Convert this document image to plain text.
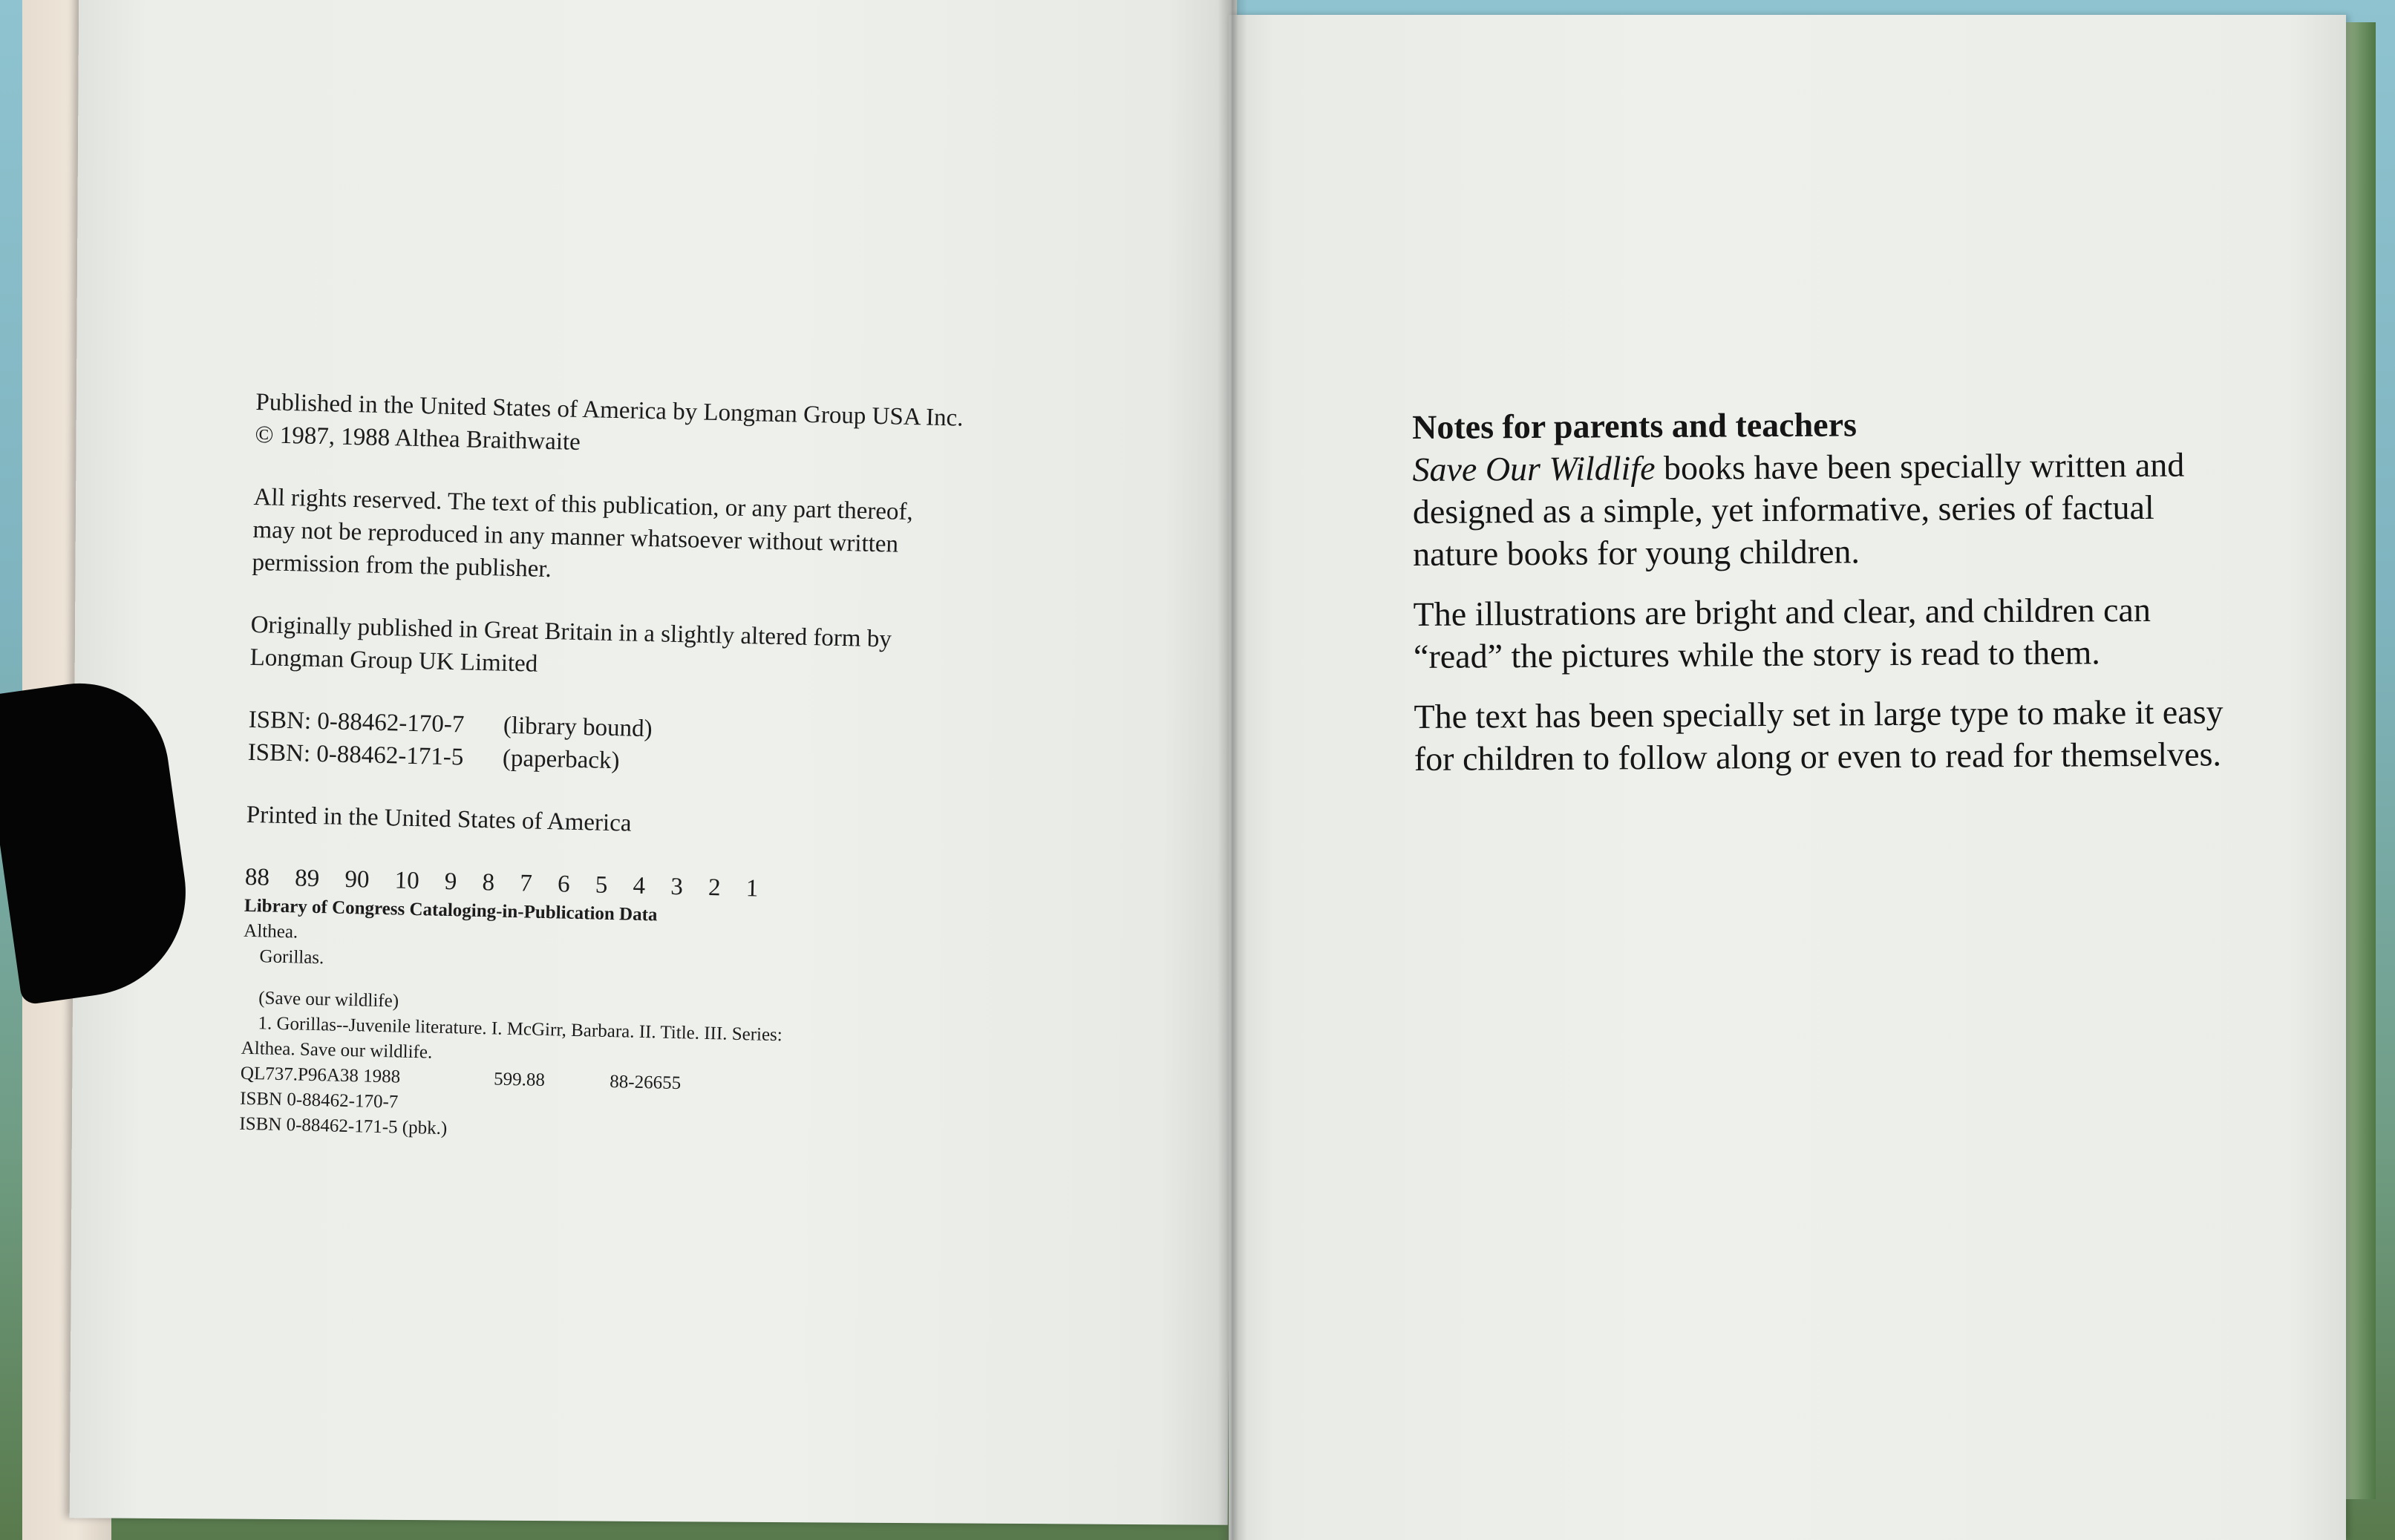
Published in the United States of America by Longman Group USA Inc.

© 1987, 1988 Althea Braithwaite

All rights reserved. The text of this publication, or any part thereof,

may not be reproduced in any manner whatsoever without written

permission from the publisher.

Originally published in Great Britain in a slightly altered form by

Longman Group UK Limited

ISBN: 0-88462-170-7 (library bound)

ISBN: 0-88462-171-5 (paperback)

Printed in the United States of America

88 89 90 10 9 8 7 6 5 4 3 2 1

Library of Congress Cataloging-in-Publication Data

Althea.

Gorillas.

(Save our wildlife)

1. Gorillas--Juvenile literature. I. McGirr, Barbara. II. Title. III. Series:

Althea. Save our wildlife.

QL737.P96A38 1988	599.88	88-26655

ISBN 0-88462-170-7

ISBN 0-88462-171-5 (pbk.)

Notes for parents and teachers

Save Our Wildlife books have been specially written and designed as a simple, yet informative, series of factual nature books for young children.

The illustrations are bright and clear, and children can “read” the pictures while the story is read to them.

The text has been specially set in large type to make it easy for children to follow along or even to read for themselves.
